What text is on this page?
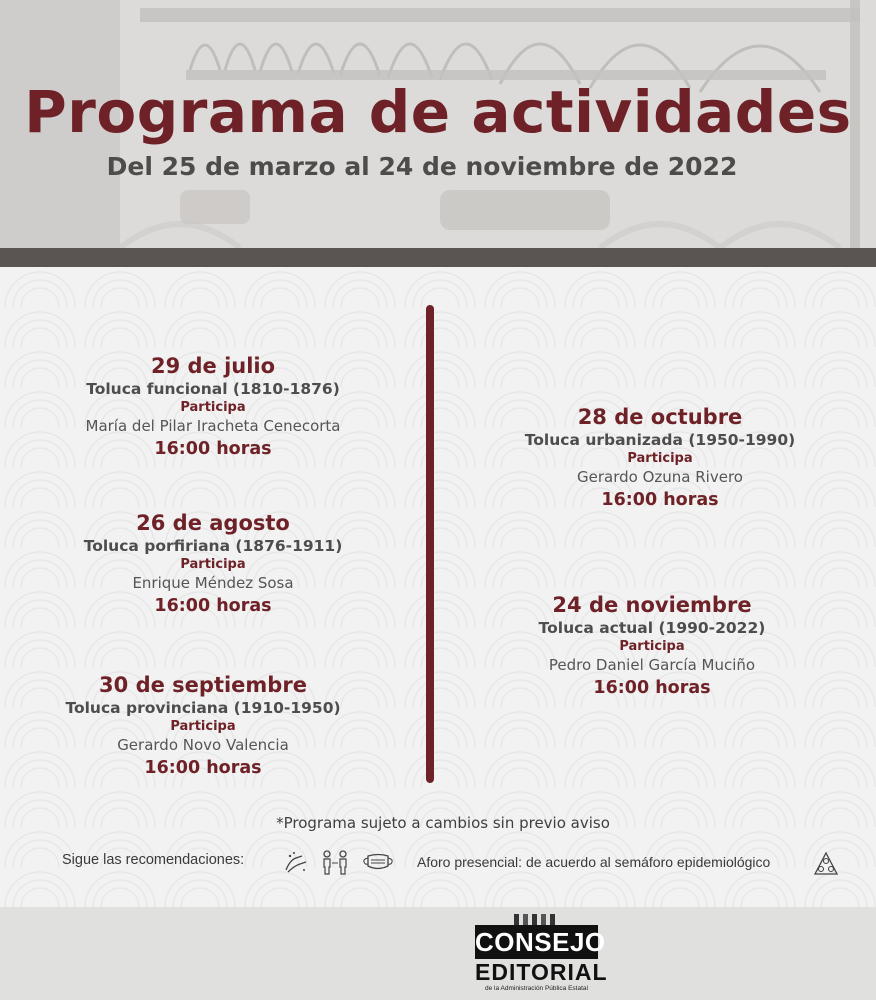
Programa de actividades
Del 25 de marzo al 24 de noviembre de 2022
29 de julio
Toluca funcional (1810-1876)
Participa
María del Pilar Iracheta Cenecorta
16:00 horas
26 de agosto
Toluca porfiriana (1876-1911)
Participa
Enrique Méndez Sosa
16:00 horas
30 de septiembre
Toluca provinciana (1910-1950)
Participa
Gerardo Novo Valencia
16:00 horas
28 de octubre
Toluca urbanizada (1950-1990)
Participa
Gerardo Ozuna Rivero
16:00 horas
24 de noviembre
Toluca actual (1990-2022)
Participa
Pedro Daniel García Muciño
16:00 horas
*Programa sujeto a cambios sin previo aviso
Sigue las recomendaciones:	Aforo presencial: de acuerdo al semáforo epidemiológico
CONSEJO
EDITORIAL
de la Administración Pública Estatal
